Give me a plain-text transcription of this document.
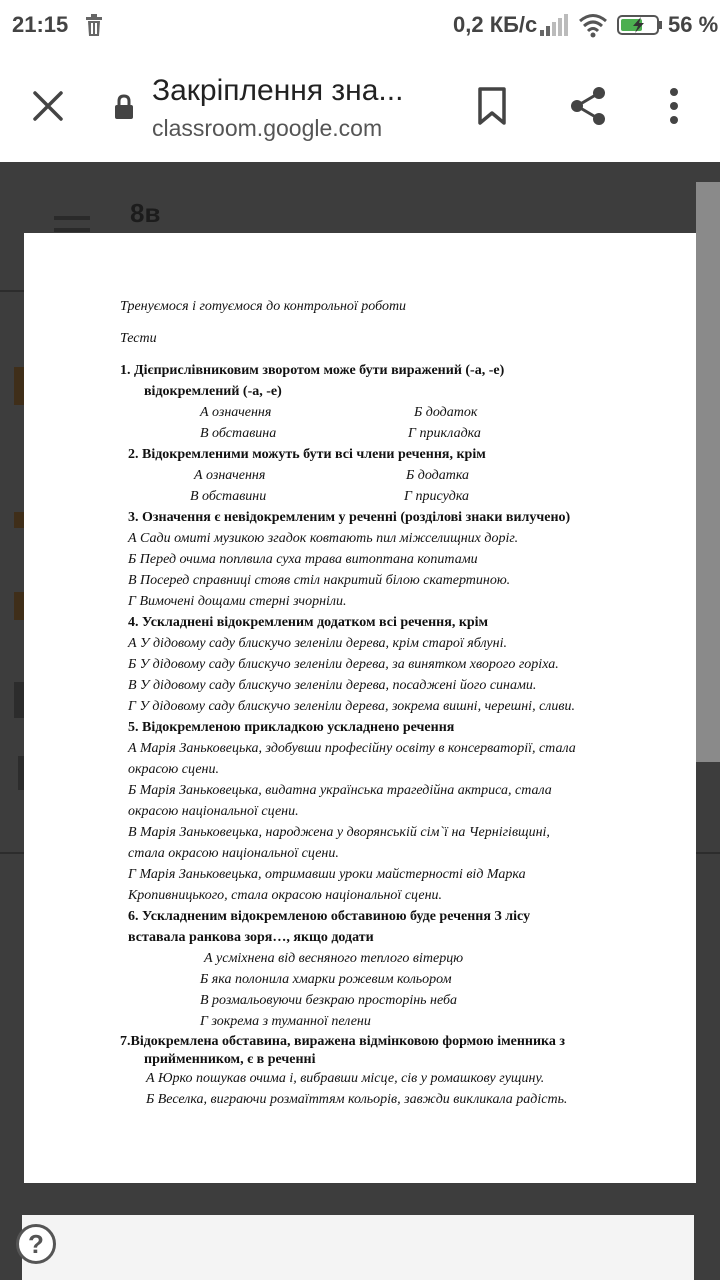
21:15	0,2 КБ/с	56 %
Закріплення зна...
classroom.google.com
8в
Тренуємося і готуємося до контрольної роботи
Тести
1. Дієприслівниковим зворотом може бути виражений (-а, -е)
відокремлений (-а, -е)
А означення	Б додаток
В обставина	Г прикладка
2. Відокремленими можуть бути всі члени речення, крім
А означення	Б додатка
В обставини	Г присудка
3. Означення є невідокремленим у реченні (розділові знаки вилучено)
А Сади омиті музикою згадок ковтають пил міжселищних доріг.
Б Перед очима поплвила суха трава витоптана копитами
В Посеред справниці стояв стіл накритий білою скатертиною.
Г Вимочені дощами стерні зчорніли.
4. Ускладнені відокремленим додатком всі речення, крім
А У дідовому саду блискучо зеленіли дерева, крім старої яблуні.
Б У дідовому саду блискучо зеленіли дерева, за винятком хворого горіха.
В У дідовому саду блискучо зеленіли дерева, посаджені його синами.
Г У дідовому саду блискучо зеленіли дерева, зокрема вишні, черешні, сливи.
5. Відокремленою прикладкою ускладнено речення
А Марія Заньковецька, здобувши професійну освіту в консерваторії, стала
окрасою сцени.
Б Марія Заньковецька, видатна українська трагедійна актриса, стала
окрасою національної сцени.
В Марія Заньковецька, народжена у дворянській сім`ї на Чернігівщині,
стала окрасою національної сцени.
Г Марія Заньковецька, отримавши уроки майстерності від Марка
Кропивницького, стала окрасою національної сцени.
6. Ускладненим відокремленою обставиною буде речення З лісу
вставала ранкова зоря…, якщо додати
А усміхнена від весняного теплого вітерцю
Б яка полонила хмарки рожевим кольором
В розмальовуючи безкраю просторінь неба
Г зокрема з туманної пелени
7.Відокремлена обставина, виражена відмінковою формою іменника з
прийменником, є в реченні
А Юрко пошукав очима і, вибравши місце, сів у ромашкову гущину.
Б Веселка, виграючи розмаїттям кольорів, завжди викликала радість.
?
